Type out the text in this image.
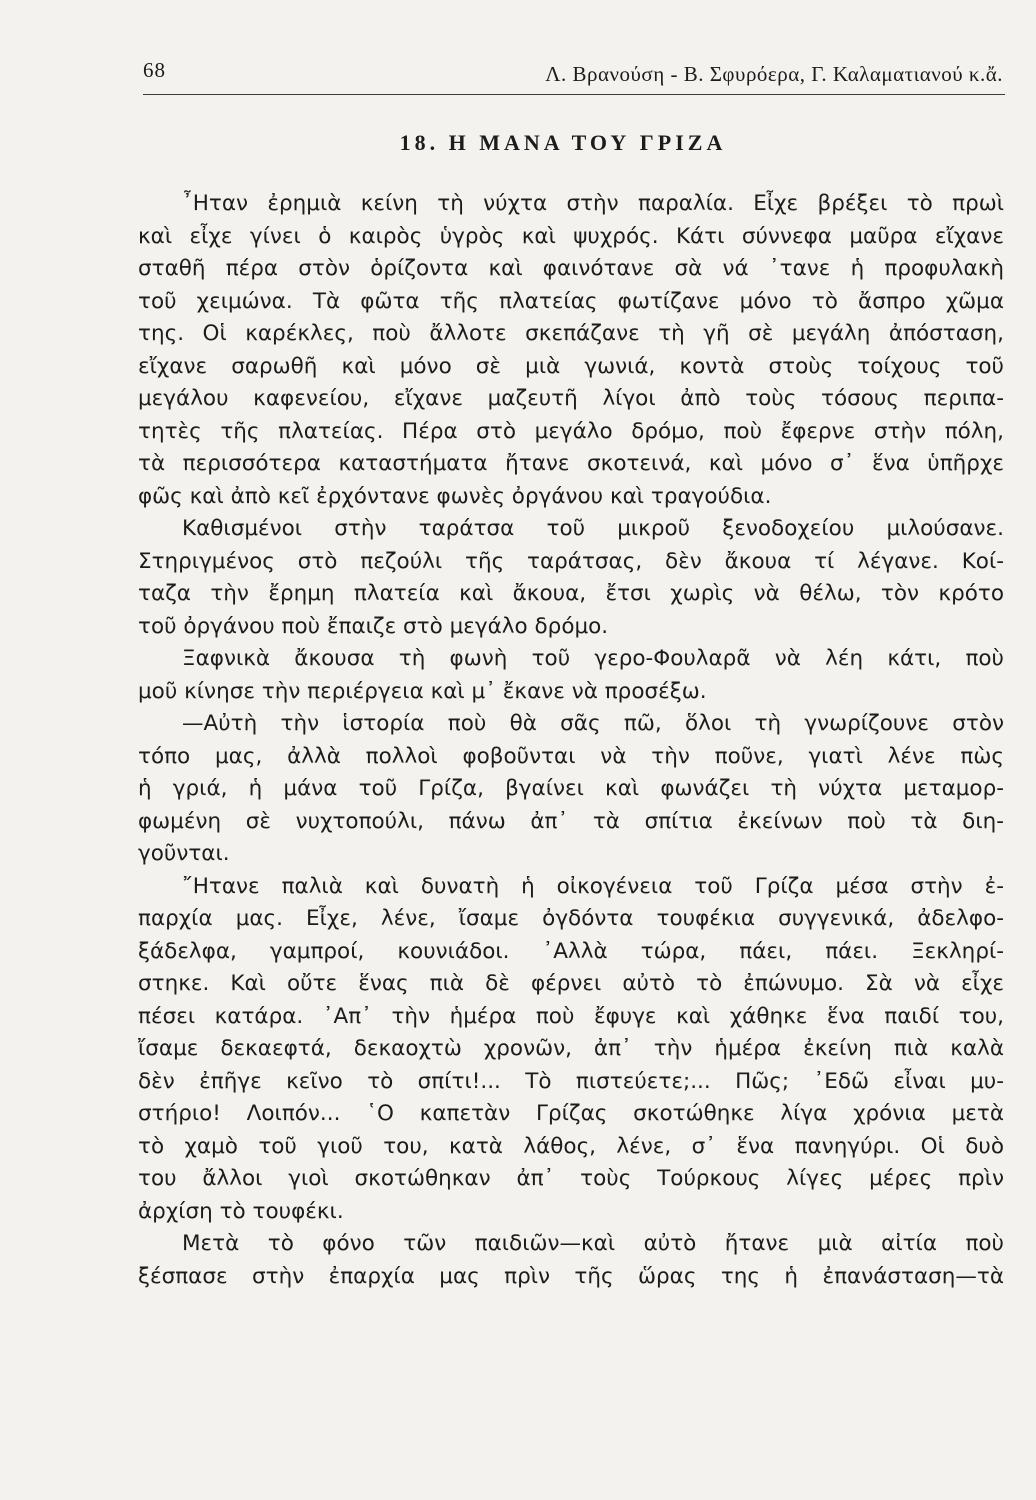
68	Λ. Βρανούση - Β. Σφυρόερα, Γ. Καλαματιανού κ.ἄ.
18. Η ΜΑΝΑ ΤΟΥ ΓΡΙΖΑ
῏Ηταν ἐρημιὰ κείνη τὴ νύχτα στὴν παραλία. Εἶχε βρέξει τὸ πρωὶ
καὶ εἶχε γίνει ὁ καιρὸς ὑγρὸς καὶ ψυχρός. Κάτι σύννεφα μαῦρα εἴχανε
σταθῆ πέρα στὸν ὁρίζοντα καὶ φαινότανε σὰ νά ᾽τανε ἡ προφυλακὴ
τοῦ χειμώνα. Τὰ φῶτα τῆς πλατείας φωτίζανε μόνο τὸ ἄσπρο χῶμα
της. Οἱ καρέκλες, ποὺ ἄλλοτε σκεπάζανε τὴ γῆ σὲ μεγάλη ἀπόσταση,
εἴχανε σαρωθῆ καὶ μόνο σὲ μιὰ γωνιά, κοντὰ στοὺς τοίχους τοῦ
μεγάλου καφενείου, εἴχανε μαζευτῆ λίγοι ἀπὸ τοὺς τόσους περιπα-
τητὲς τῆς πλατείας. Πέρα στὸ μεγάλο δρόμο, ποὺ ἔφερνε στὴν πόλη,
τὰ περισσότερα καταστήματα ἤτανε σκοτεινά, καὶ μόνο σ᾽ ἕνα ὑπῆρχε
φῶς καὶ ἀπὸ κεῖ ἐρχόντανε φωνὲς ὀργάνου καὶ τραγούδια.
Καθισμένοι στὴν ταράτσα τοῦ μικροῦ ξενοδοχείου μιλούσανε.
Στηριγμένος στὸ πεζούλι τῆς ταράτσας, δὲν ἄκουα τί λέγανε. Κοί-
ταζα τὴν ἔρημη πλατεία καὶ ἄκουα, ἔτσι χωρὶς νὰ θέλω, τὸν κρότο
τοῦ ὀργάνου ποὺ ἔπαιζε στὸ μεγάλο δρόμο.
Ξαφνικὰ ἄκουσα τὴ φωνὴ τοῦ γερο-Φουλαρᾶ νὰ λέη κάτι, ποὺ
μοῦ κίνησε τὴν περιέργεια καὶ μ᾽ ἔκανε νὰ προσέξω.
—Αὐτὴ τὴν ἱστορία ποὺ θὰ σᾶς πῶ, ὅλοι τὴ γνωρίζουνε στὸν
τόπο μας, ἀλλὰ πολλοὶ φοβοῦνται νὰ τὴν ποῦνε, γιατὶ λένε πὼς
ἡ γριά, ἡ μάνα τοῦ Γρίζα, βγαίνει καὶ φωνάζει τὴ νύχτα μεταμορ-
φωμένη σὲ νυχτοπούλι, πάνω ἀπ᾽ τὰ σπίτια ἐκείνων ποὺ τὰ διη-
γοῦνται.
῎Ητανε παλιὰ καὶ δυνατὴ ἡ οἰκογένεια τοῦ Γρίζα μέσα στὴν ἐ-
παρχία μας. Εἶχε, λένε, ἴσαμε ὀγδόντα τουφέκια συγγενικά, ἀδελφο-
ξάδελφα, γαμπροί, κουνιάδοι. ᾽Αλλὰ τώρα, πάει, πάει. Ξεκληρί-
στηκε. Καὶ οὔτε ἕνας πιὰ δὲ φέρνει αὐτὸ τὸ ἐπώνυμο. Σὰ νὰ εἶχε
πέσει κατάρα. ᾽Απ᾽ τὴν ἡμέρα ποὺ ἔφυγε καὶ χάθηκε ἕνα παιδί του,
ἴσαμε δεκαεφτά, δεκαοχτὼ χρονῶν, ἀπ᾽ τὴν ἡμέρα ἐκείνη πιὰ καλὰ
δὲν ἐπῆγε κεῖνο τὸ σπίτι!... Τὸ πιστεύετε;... Πῶς; ᾽Εδῶ εἶναι μυ-
στήριο! Λοιπόν... ῾Ο καπετὰν Γρίζας σκοτώθηκε λίγα χρόνια μετὰ
τὸ χαμὸ τοῦ γιοῦ του, κατὰ λάθος, λένε, σ᾽ ἕνα πανηγύρι. Οἱ δυὸ
του ἄλλοι γιοὶ σκοτώθηκαν ἀπ᾽ τοὺς Τούρκους λίγες μέρες πρὶν
ἀρχίση τὸ τουφέκι.
Μετὰ τὸ φόνο τῶν παιδιῶν—καὶ αὐτὸ ἤτανε μιὰ αἰτία ποὺ
ξέσπασε στὴν ἐπαρχία μας πρὶν τῆς ὥρας της ἡ ἐπανάσταση—τὰ
